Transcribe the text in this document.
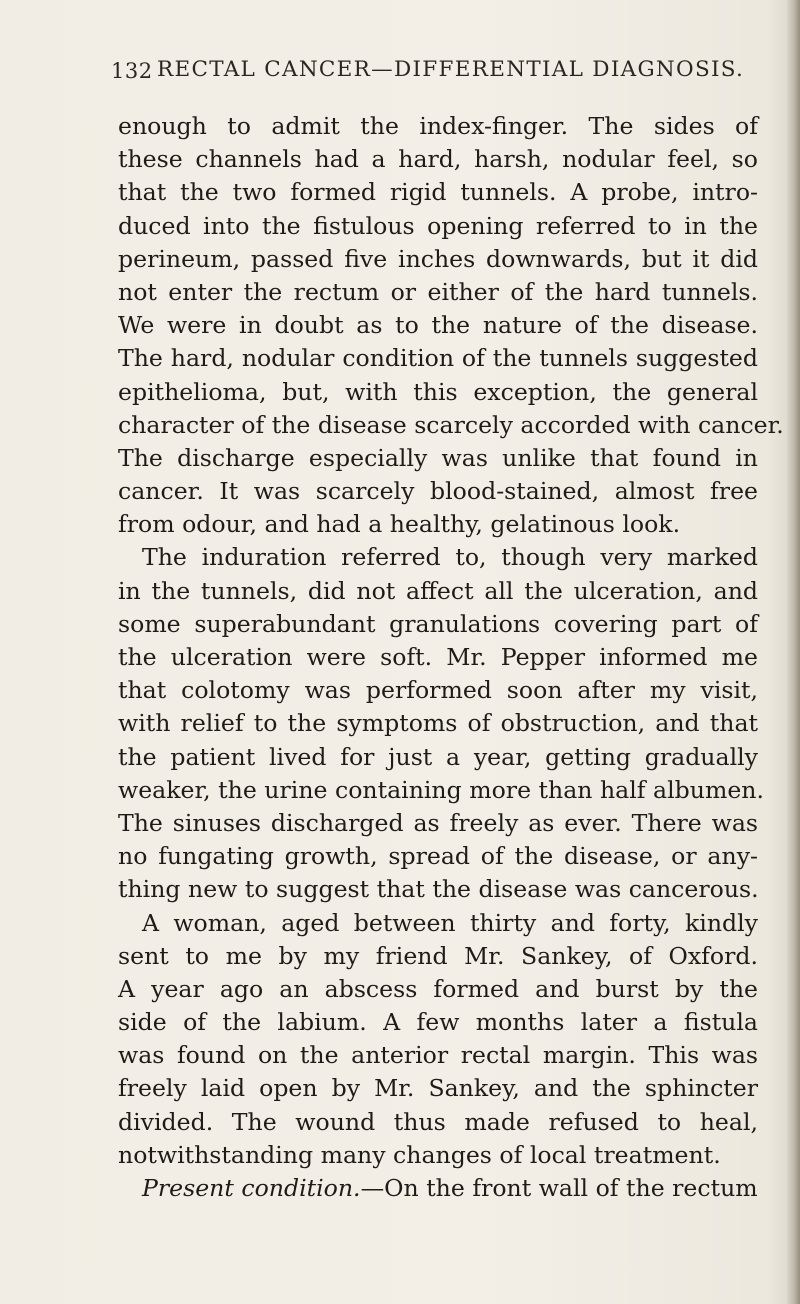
132 RECTAL CANCER—DIFFERENTIAL DIAGNOSIS.
enough to admit the index-finger. The sides of
these channels had a hard, harsh, nodular feel, so
that the two formed rigid tunnels. A probe, intro-
duced into the fistulous opening referred to in the
perineum, passed five inches downwards, but it did
not enter the rectum or either of the hard tunnels.
We were in doubt as to the nature of the disease.
The hard, nodular condition of the tunnels suggested
epithelioma, but, with this exception, the general
character of the disease scarcely accorded with cancer.
The discharge especially was unlike that found in
cancer. It was scarcely blood-stained, almost free
from odour, and had a healthy, gelatinous look.
The induration referred to, though very marked
in the tunnels, did not affect all the ulceration, and
some superabundant granulations covering part of
the ulceration were soft. Mr. Pepper informed me
that colotomy was performed soon after my visit,
with relief to the symptoms of obstruction, and that
the patient lived for just a year, getting gradually
weaker, the urine containing more than half albumen.
The sinuses discharged as freely as ever. There was
no fungating growth, spread of the disease, or any-
thing new to suggest that the disease was cancerous.
A woman, aged between thirty and forty, kindly
sent to me by my friend Mr. Sankey, of Oxford.
A year ago an abscess formed and burst by the
side of the labium. A few months later a fistula
was found on the anterior rectal margin. This was
freely laid open by Mr. Sankey, and the sphincter
divided. The wound thus made refused to heal,
notwithstanding many changes of local treatment.
Present condition.—On the front wall of the rectum
